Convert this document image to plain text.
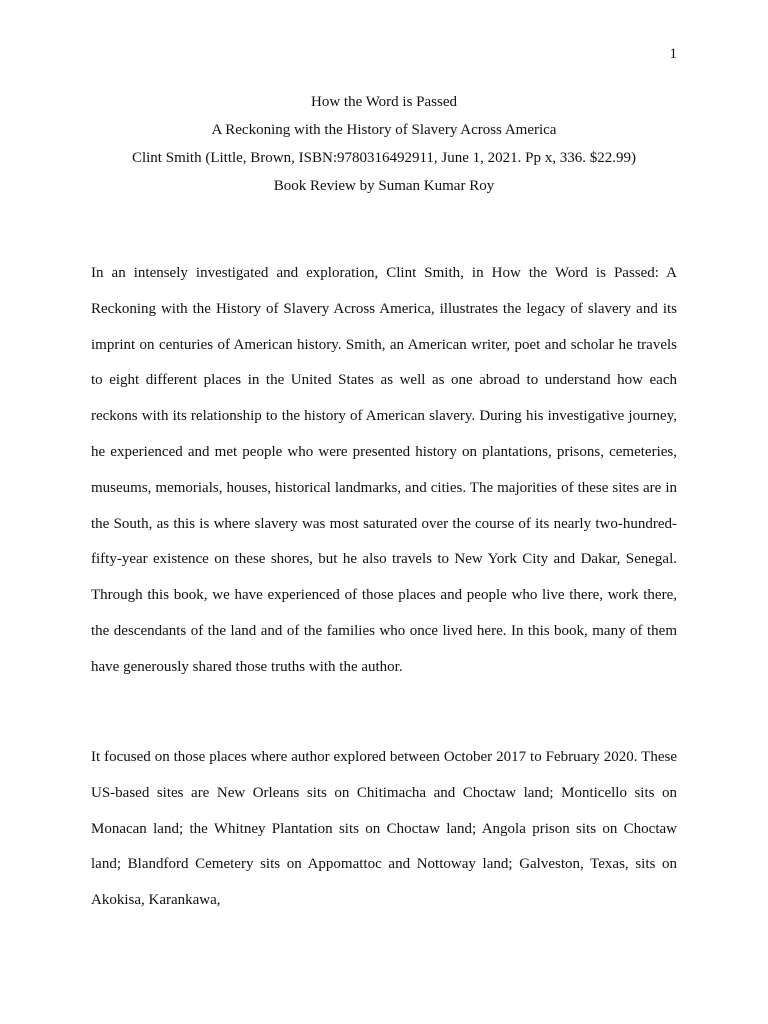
1
How the Word is Passed
A Reckoning with the History of Slavery Across America
Clint Smith (Little, Brown, ISBN:9780316492911, June 1, 2021. Pp x, 336. $22.99)
Book Review by Suman Kumar Roy

In an intensely investigated and exploration, Clint Smith, in How the Word is Passed: A Reckoning with the History of Slavery Across America, illustrates the legacy of slavery and its imprint on centuries of American history. Smith, an American writer, poet and scholar he travels to eight different places in the United States as well as one abroad to understand how each reckons with its relationship to the history of American slavery. During his investigative journey, he experienced and met people who were presented history on plantations, prisons, cemeteries, museums, memorials, houses, historical landmarks, and cities. The majorities of these sites are in the South, as this is where slavery was most saturated over the course of its nearly two-hundred-fifty-year existence on these shores, but he also travels to New York City and Dakar, Senegal. Through this book, we have experienced of those places and people who live there, work there, the descendants of the land and of the families who once lived here. In this book, many of them have generously shared those truths with the author.

It focused on those places where author explored between October 2017 to February 2020. These US-based sites are New Orleans sits on Chitimacha and Choctaw land; Monticello sits on Monacan land; the Whitney Plantation sits on Choctaw land; Angola prison sits on Choctaw land; Blandford Cemetery sits on Appomattoc and Nottoway land; Galveston, Texas, sits on Akokisa, Karankawa,
